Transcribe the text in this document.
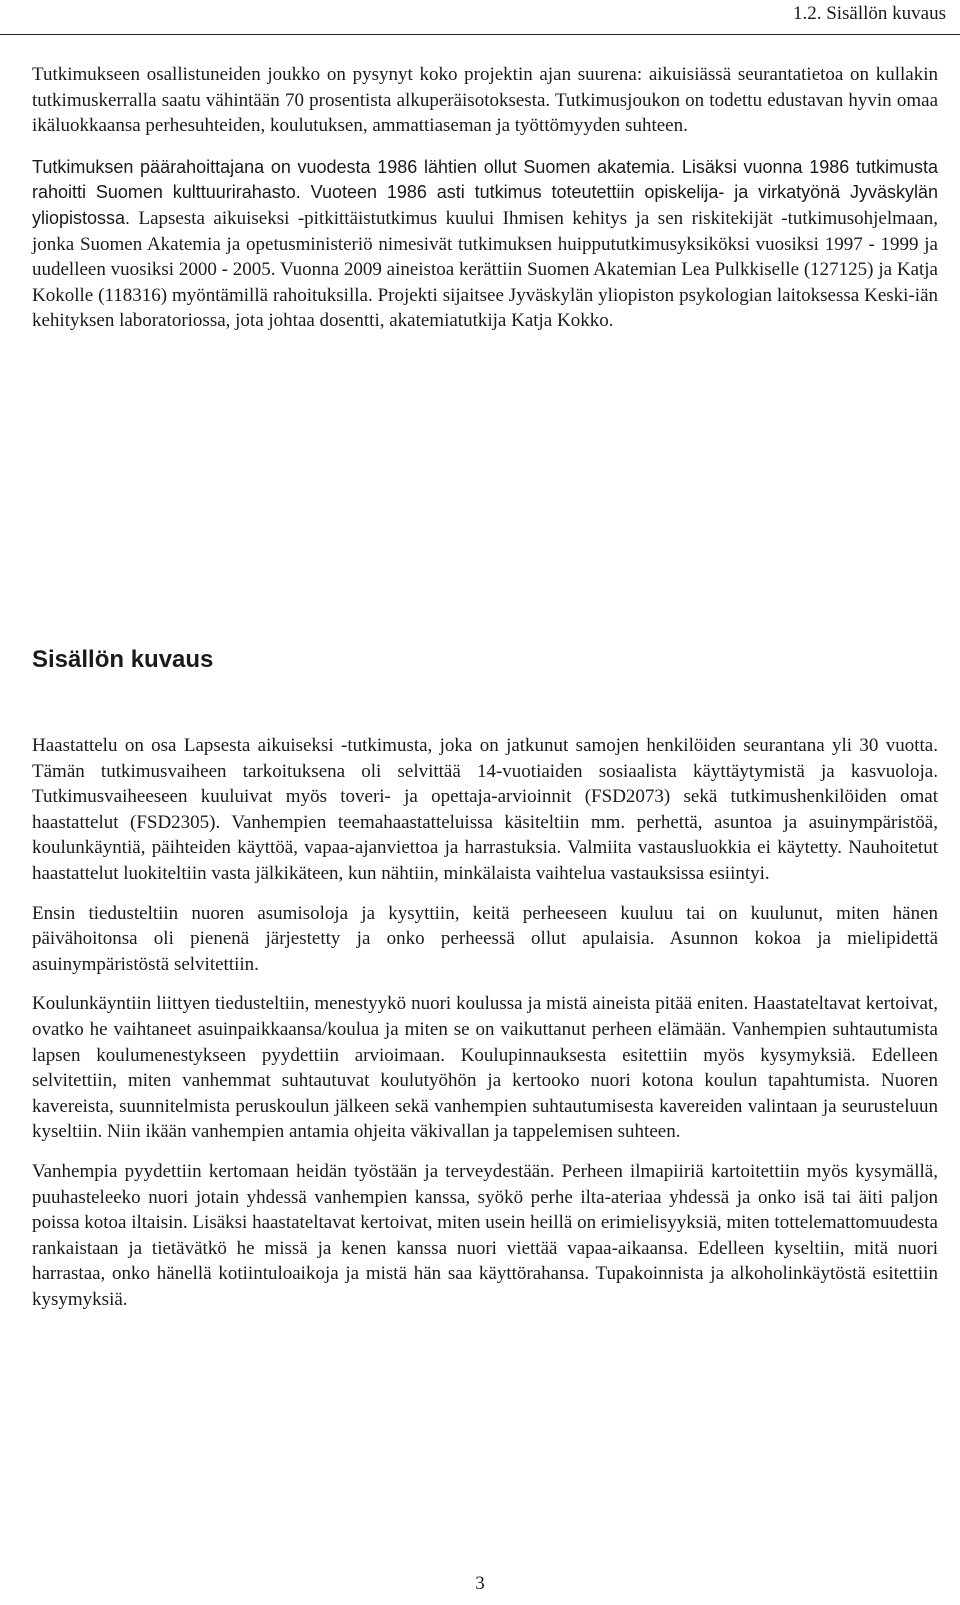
1.2. Sisällön kuvaus

Tutkimukseen osallistuneiden joukko on pysynyt koko projektin ajan suurena: aikuisiässä seurantatietoa on kullakin tutkimuskerralla saatu vähintään 70 prosentista alkuperäisotoksesta. Tutkimusjoukon on todettu edustavan hyvin omaa ikäluokkaansa perhesuhteiden, koulutuksen, ammattiaseman ja työttömyyden suhteen.

Tutkimuksen päärahoittajana on vuodesta 1986 lähtien ollut Suomen akatemia. Lisäksi vuonna 1986 tutkimusta rahoitti Suomen kulttuurirahasto. Vuoteen 1986 asti tutkimus toteutettiin opiskelija- ja virkatyönä Jyväskylän yliopistossa. Lapsesta aikuiseksi -pitkittäistutkimus kuului Ihmisen kehitys ja sen riskitekijät -tutkimusohjelmaan, jonka Suomen Akatemia ja opetusministeriö nimesivät tutkimuksen huippututkimusyksiköksi vuosiksi 1997 - 1999 ja uudelleen vuosiksi 2000 - 2005. Vuonna 2009 aineistoa kerättiin Suomen Akatemian Lea Pulkkiselle (127125) ja Katja Kokolle (118316) myöntämillä rahoituksilla. Projekti sijaitsee Jyväskylän yliopiston psykologian laitoksessa Keski-iän kehityksen laboratoriossa, jota johtaa dosentti, akatemiatutkija Katja Kokko.

Sisällön kuvaus

Haastattelu on osa Lapsesta aikuiseksi -tutkimusta, joka on jatkunut samojen henkilöiden seurantana yli 30 vuotta. Tämän tutkimusvaiheen tarkoituksena oli selvittää 14-vuotiaiden sosiaalista käyttäytymistä ja kasvuoloja. Tutkimusvaiheeseen kuuluivat myös toveri- ja opettaja-arvioinnit (FSD2073) sekä tutkimushenkilöiden omat haastattelut (FSD2305). Vanhempien teemahaastatteluissa käsiteltiin mm. perhettä, asuntoa ja asuinympäristöä, koulunkäyntiä, päihteiden käyttöä, vapaa-ajanviettoa ja harrastuksia. Valmiita vastausluokkia ei käytetty. Nauhoitetut haastattelut luokiteltiin vasta jälkikäteen, kun nähtiin, minkälaista vaihtelua vastauksissa esiintyi.

Ensin tiedusteltiin nuoren asumisoloja ja kysyttiin, keitä perheeseen kuuluu tai on kuulunut, miten hänen päivähoitonsa oli pienenä järjestetty ja onko perheessä ollut apulaisia. Asunnon kokoa ja mielipidettä asuinympäristöstä selvitettiin.

Koulunkäyntiin liittyen tiedusteltiin, menestyykö nuori koulussa ja mistä aineista pitää eniten. Haastateltavat kertoivat, ovatko he vaihtaneet asuinpaikkaansa/koulua ja miten se on vaikuttanut perheen elämään. Vanhempien suhtautumista lapsen koulumenestykseen pyydettiin arvioimaan. Koulupinnauksesta esitettiin myös kysymyksiä. Edelleen selvitettiin, miten vanhemmat suhtautuvat koulutyöhön ja kertooko nuori kotona koulun tapahtumista. Nuoren kavereista, suunnitelmista peruskoulun jälkeen sekä vanhempien suhtautumisesta kavereiden valintaan ja seurusteluun kyseltiin. Niin ikään vanhempien antamia ohjeita väkivallan ja tappelemisen suhteen.

Vanhempia pyydettiin kertomaan heidän työstään ja terveydestään. Perheen ilmapiiriä kartoitettiin myös kysymällä, puuhasteleeko nuori jotain yhdessä vanhempien kanssa, syökö perhe ilta-ateriaa yhdessä ja onko isä tai äiti paljon poissa kotoa iltaisin. Lisäksi haastateltavat kertoivat, miten usein heillä on erimielisyyksiä, miten tottelemattomuudesta rankaistaan ja tietävätkö he missä ja kenen kanssa nuori viettää vapaa-aikaansa. Edelleen kyseltiin, mitä nuori harrastaa, onko hänellä kotiintuloaikoja ja mistä hän saa käyttörahansa. Tupakoinnista ja alkoholinkäytöstä esitettiin kysymyksiä.

3
